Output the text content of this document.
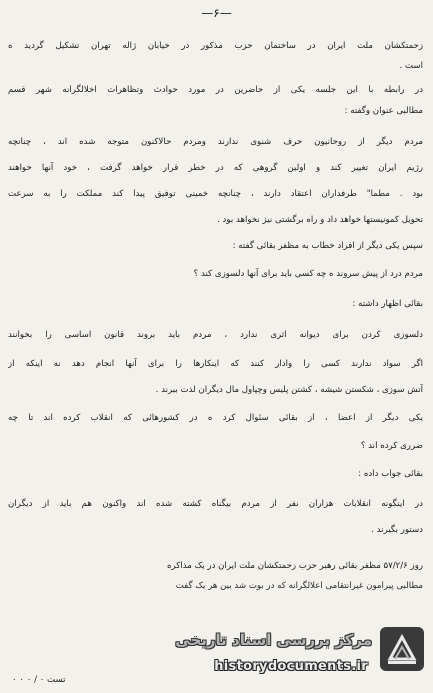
—۶—
زحمتکشان ملت ایران در ساختمان حزب مذکور در خیابان ژاله تهران تشکیل گردید ه
است .
در رابطه با این جلسه یکی از حاضرین در مورد حوادث وتظاهرات اخلالگرانه شهر قسم
مطالبی عنوان وگفته :
مردم دیگر از روحانیون حرف شنوی ندارند ومردم حالاکنون متوجه شده اند ، چنانچه
رژیم ایران تغییر کند و اولین گروهی که در خطر قرار خواهد گرفت ، خود آنها خواهند
بود . مطما" طرفداران اعتقاد دارند ، چنانچه خمینی توفیق پیدا کند مملکت را به سرعت
تحویل کمونیستها خواهد داد و راه برگشتی نیز نخواهد بود .
سپس یکی دیگر از افراد خطاب به مظفر بقائی گفته :
مردم درد از پیش سروند ه چه کسی باید برای آنها دلسوزی کند ؟
بقائی اظهار داشته :
دلسوزی کردن برای دیوانه اثری ندارد ، مردم باید بروند قانون اساسی را بخوانند
اگر سواد ندارند کسی را وادار کنند که اینکارها را برای آنها انجام دهد نه اینکه از
آتش سوزی ، شکستن شیشه ، کشتن پلیس وچپاول مال دیگران لذت ببرند .
یکی دیگر از اعضا ، از بقائی سئوال کرد ه در کشورهائی که انقلاب کرده اند تا چه
ضرری کرده اند ؟
بقائی جواب داده :
در اینگونه انقلابات هزاران نفر از مردم بیگناه کشته شده اند واکنون هم باید از دیگران
دستور بگیرند .
روز ۵۷/۲/۶ مظفر بقائی رهبر حزب زحمتکشان ملت ایران در یک مذاکره
مطالبی پیرامون غیرانتقامی اعلالگرانه که در بوت شد بین هر یک گفت
تست ۰ / ۰ ۰ ۰
مرکز بررسی اسناد تاریخی
historydocuments.ir
